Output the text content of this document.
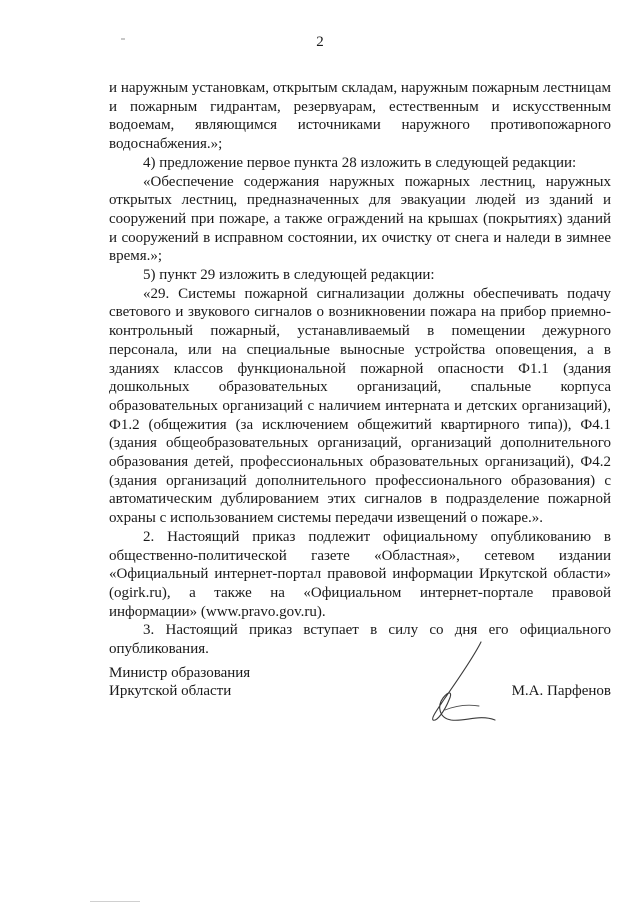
2

и наружным установкам, открытым складам, наружным пожарным лестницам и пожарным гидрантам, резервуарам, естественным и искусственным водоемам, являющимся источниками наружного противопожарного водоснабжения.»;

4) предложение первое пункта 28 изложить в следующей редакции:

«Обеспечение содержания наружных пожарных лестниц, наружных открытых лестниц, предназначенных для эвакуации людей из зданий и сооружений при пожаре, а также ограждений на крышах (покрытиях) зданий и сооружений в исправном состоянии, их очистку от снега и наледи в зимнее время.»;

5) пункт 29 изложить в следующей редакции:

«29. Системы пожарной сигнализации должны обеспечивать подачу светового и звукового сигналов о возникновении пожара на прибор приемно-контрольный пожарный, устанавливаемый в помещении дежурного персонала, или на специальные выносные устройства оповещения, а в зданиях классов функциональной пожарной опасности Ф1.1 (здания дошкольных образовательных организаций, спальные корпуса образовательных организаций с наличием интерната и детских организаций), Ф1.2 (общежития (за исключением общежитий квартирного типа)), Ф4.1 (здания общеобразовательных организаций, организаций дополнительного образования детей, профессиональных образовательных организаций), Ф4.2 (здания организаций дополнительного профессионального образования) с автоматическим дублированием этих сигналов в подразделение пожарной охраны с использованием системы передачи извещений о пожаре.».

2. Настоящий приказ подлежит официальному опубликованию в общественно-политической газете «Областная», сетевом издании «Официальный интернет-портал правовой информации Иркутской области» (ogirk.ru), а также на «Официальном интернет-портале правовой информации» (www.pravo.gov.ru).

3. Настоящий приказ вступает в силу со дня его официального опубликования.

Министр образования
Иркутской области	М.А. Парфенов
